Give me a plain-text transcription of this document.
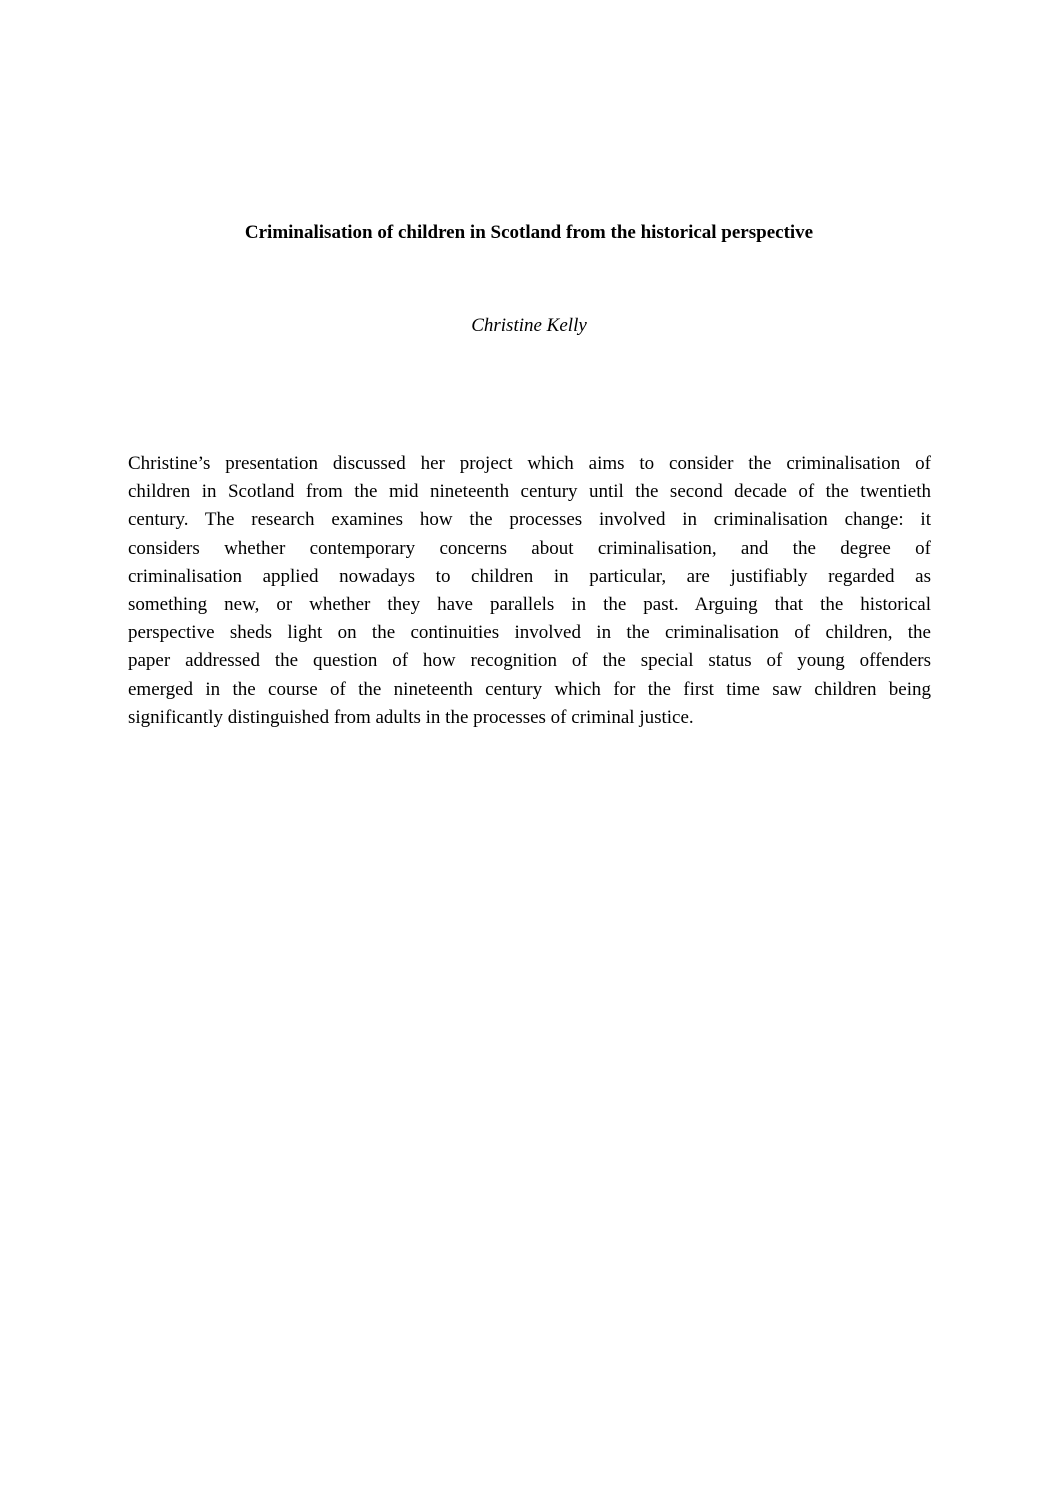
Criminalisation of children in Scotland from the historical perspective

Christine Kelly

Christine’s presentation discussed her project which aims to consider the criminalisation of
children in Scotland from the mid nineteenth century until the second decade of the twentieth
century. The research examines how the processes involved in criminalisation change: it
considers whether contemporary concerns about criminalisation, and the degree of
criminalisation applied nowadays to children in particular, are justifiably regarded as
something new, or whether they have parallels in the past. Arguing that the historical
perspective sheds light on the continuities involved in the criminalisation of children, the
paper addressed the question of how recognition of the special status of young offenders
emerged in the course of the nineteenth century which for the first time saw children being
significantly distinguished from adults in the processes of criminal justice.
